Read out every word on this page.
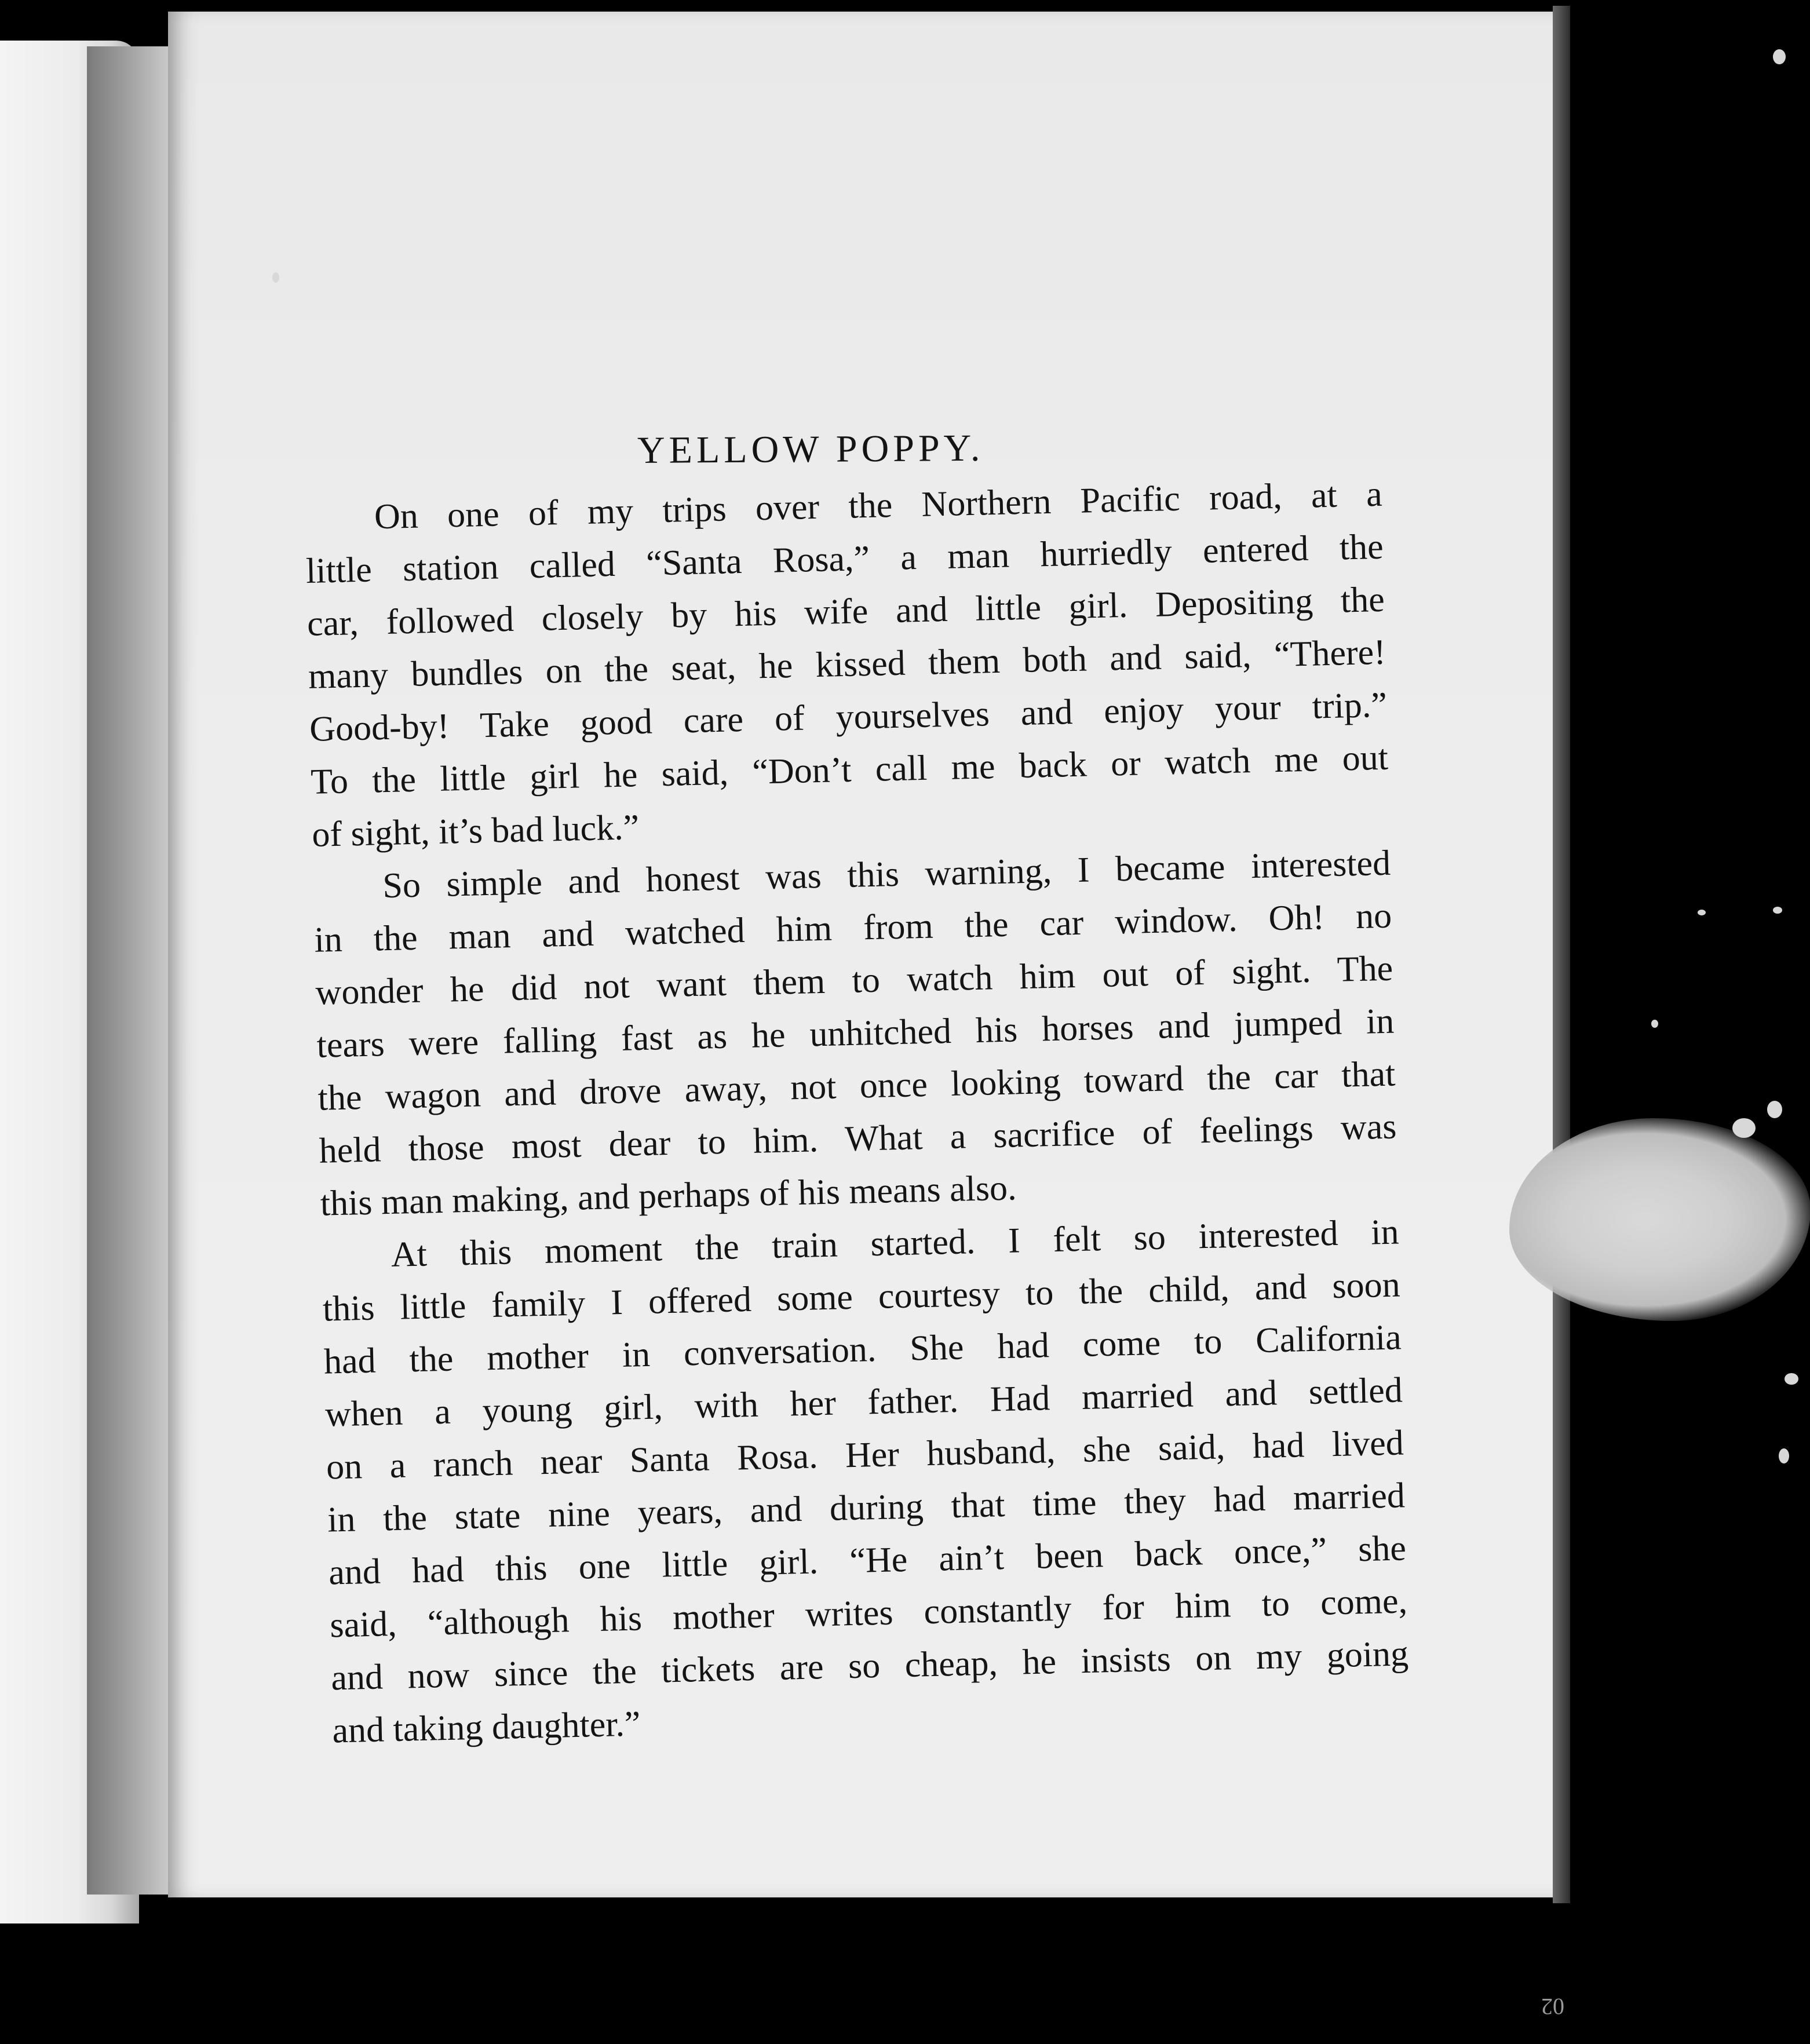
YELLOW POPPY.
On one of my trips over the Northern Pacific road, at a
little station called “Santa Rosa,” a man hurriedly entered the
car, followed closely by his wife and little girl. Depositing the
many bundles on the seat, he kissed them both and said, “There!
Good-by! Take good care of yourselves and enjoy your trip.”
To the little girl he said, “Don’t call me back or watch me out
of sight, it’s bad luck.”
So simple and honest was this warning, I became interested
in the man and watched him from the car window. Oh! no
wonder he did not want them to watch him out of sight. The
tears were falling fast as he unhitched his horses and jumped in
the wagon and drove away, not once looking toward the car that
held those most dear to him. What a sacrifice of feelings was
this man making, and perhaps of his means also.
At this moment the train started. I felt so interested in
this little family I offered some courtesy to the child, and soon
had the mother in conversation. She had come to California
when a young girl, with her father. Had married and settled
on a ranch near Santa Rosa. Her husband, she said, had lived
in the state nine years, and during that time they had married
and had this one little girl. “He ain’t been back once,” she
said, “although his mother writes constantly for him to come,
and now since the tickets are so cheap, he insists on my going
and taking daughter.”
02
